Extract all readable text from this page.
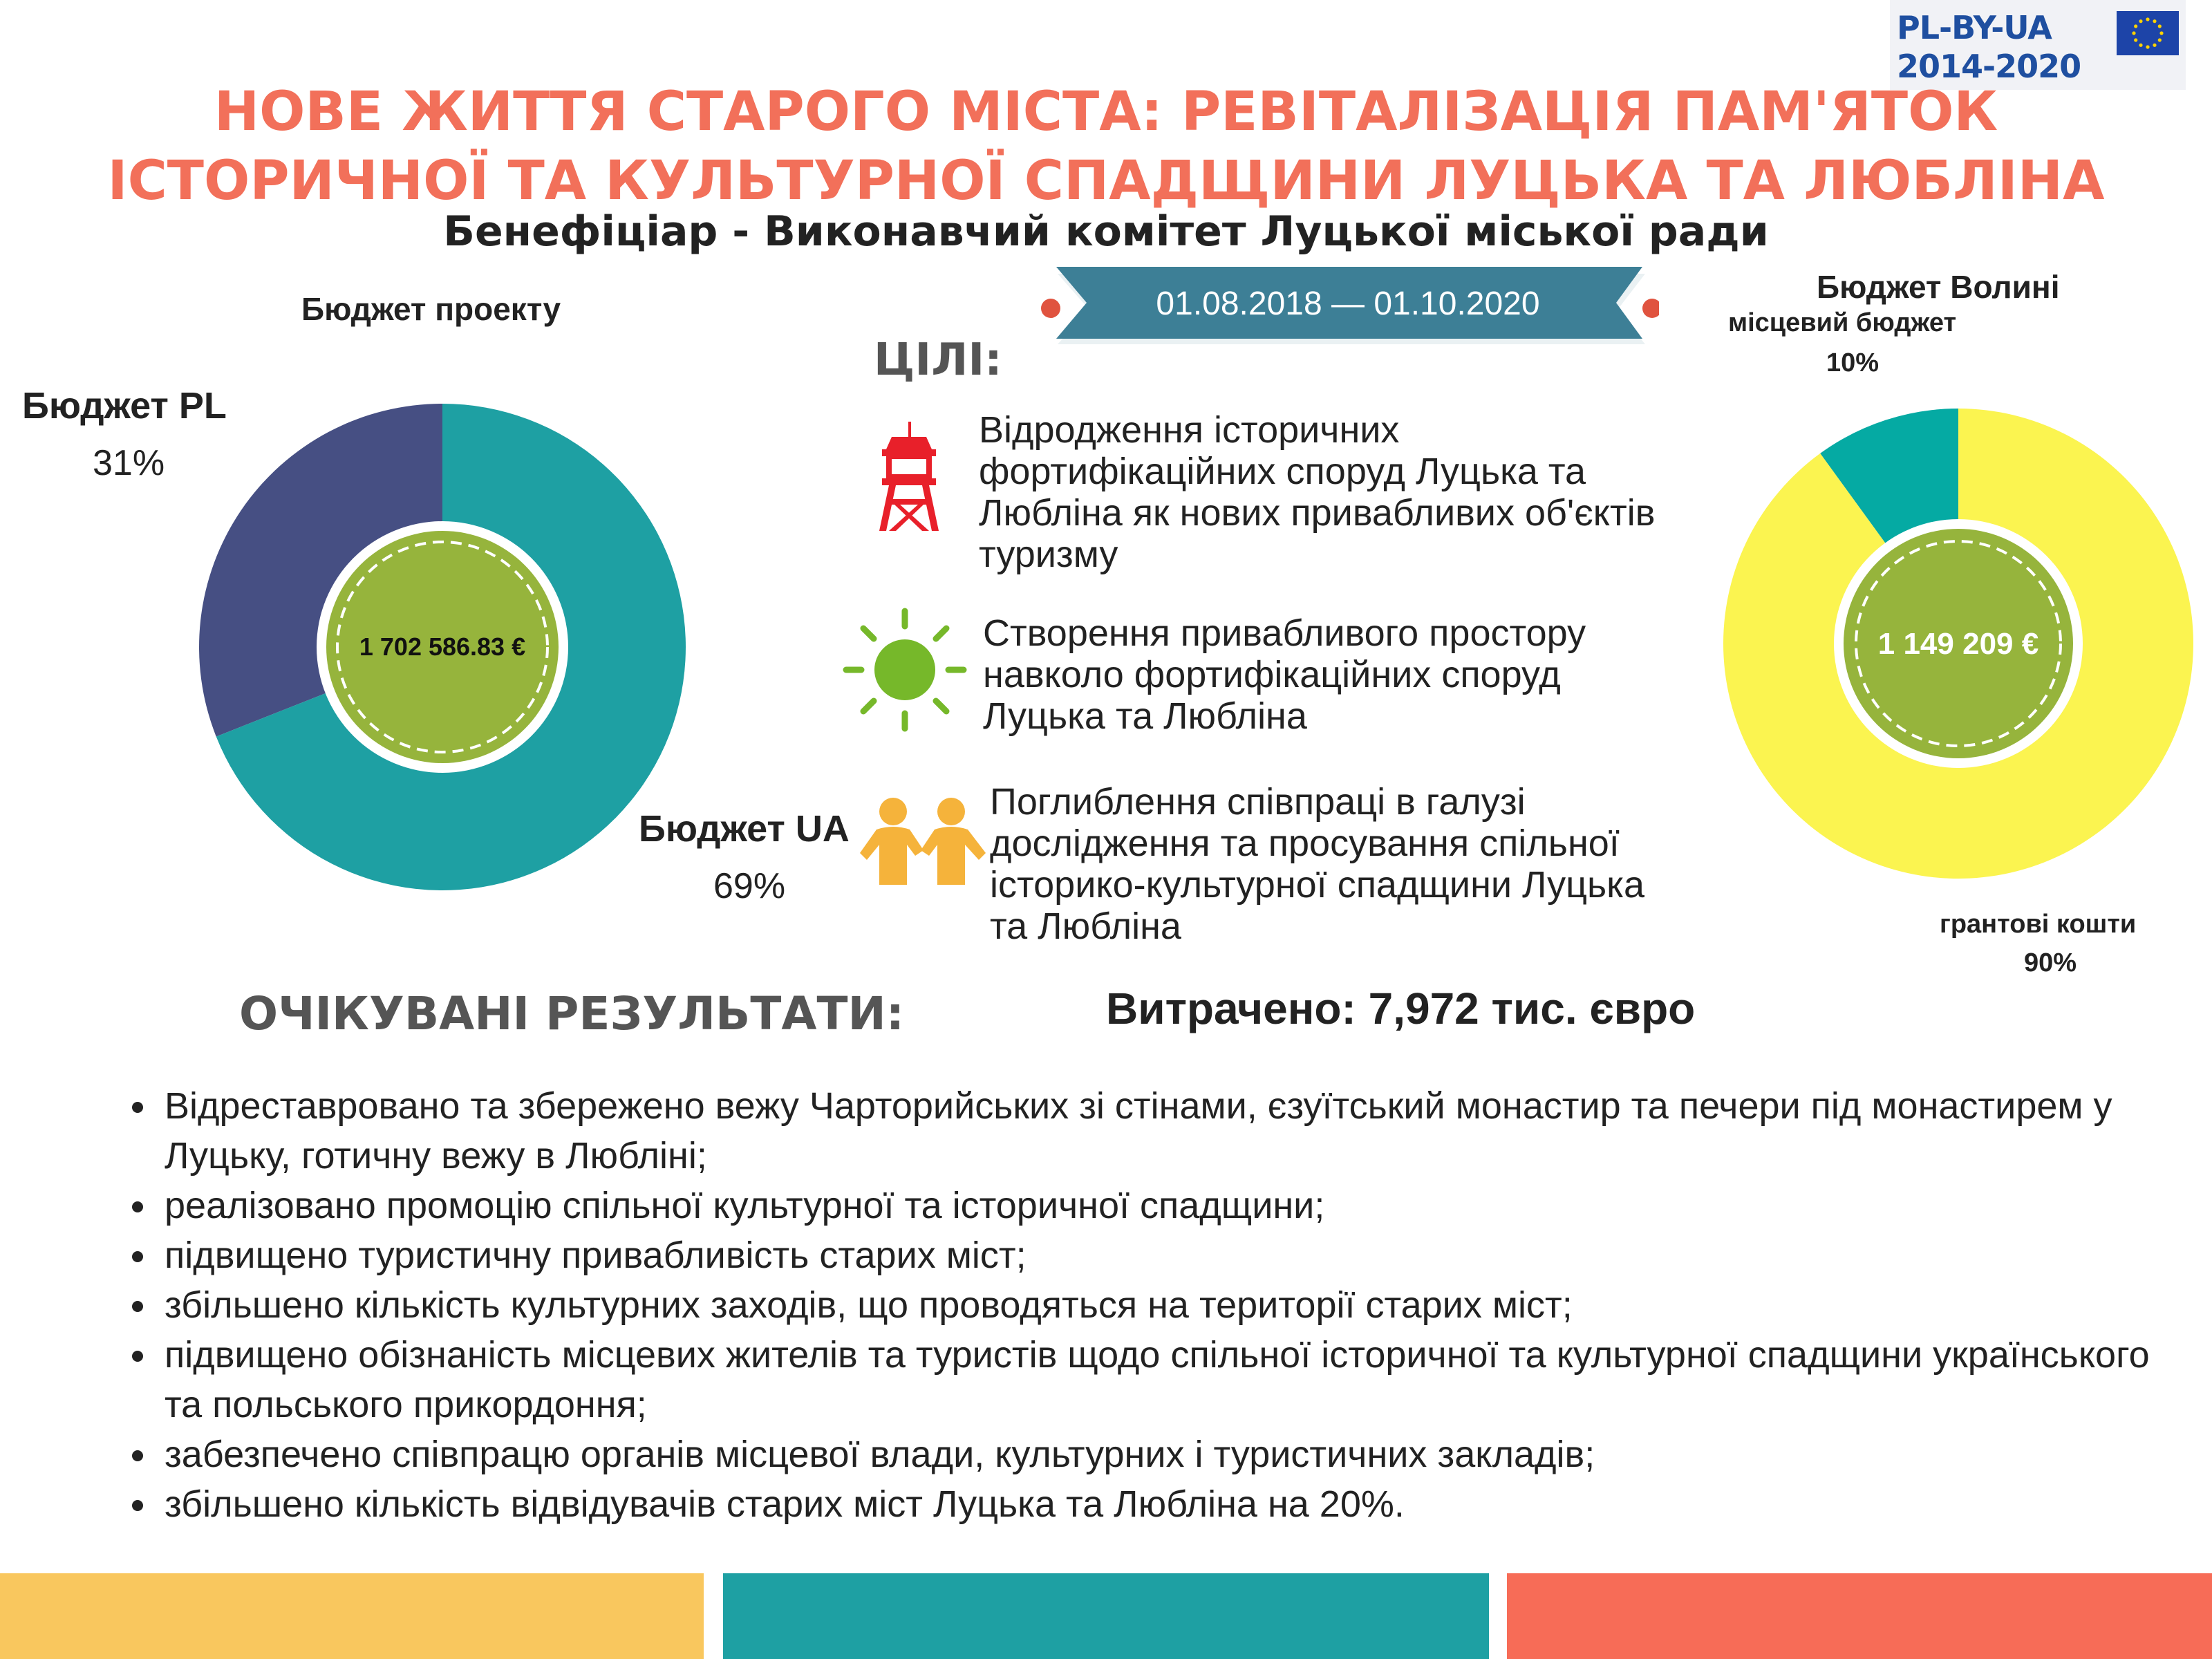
PL-BY-UA
2014-2020
НОВЕ ЖИТТЯ СТАРОГО МІСТА: РЕВІТАЛІЗАЦІЯ ПАМ'ЯТОК
ІСТОРИЧНОЇ ТА КУЛЬТУРНОЇ СПАДЩИНИ ЛУЦЬКА ТА ЛЮБЛІНА
Бенефіціар - Виконавчий комітет Луцької міської ради
01.08.2018 — 01.10.2020
Бюджет проекту
Бюджет PL
31%
Бюджет UA
69%
1 702 586.83 €
Бюджет Волині
місцевий бюджет
10%
грантові кошти
90%
1 149 209 €
ЦІЛІ:
Відродження історичних фортифікаційних споруд Луцька та Любліна як нових привабливих об'єктів туризму
Створення привабливого простору навколо фортифікаційних споруд Луцька та Любліна
Поглиблення співпраці в галузі дослідження та просування спільної історико-культурної спадщини Луцька та Любліна
ОЧІКУВАНІ РЕЗУЛЬТАТИ:	Витрачено: 7,972 тис. євро
• Відреставровано та збережено вежу Чарторийських зі стінами, єзуїтський монастир та печери під монастирем у Луцьку, готичну вежу в Любліні;
• реалізовано промоцію спільної культурної та історичної спадщини;
• підвищено туристичну привабливість старих міст;
• збільшено кількість культурних заходів, що проводяться на території старих міст;
• підвищено обізнаність місцевих жителів та туристів щодо спільної історичної та культурної спадщини українського та польського прикордоння;
• забезпечено співпрацю органів місцевої влади, культурних і туристичних закладів;
• збільшено кількість відвідувачів старих міст Луцька та Любліна на 20%.
